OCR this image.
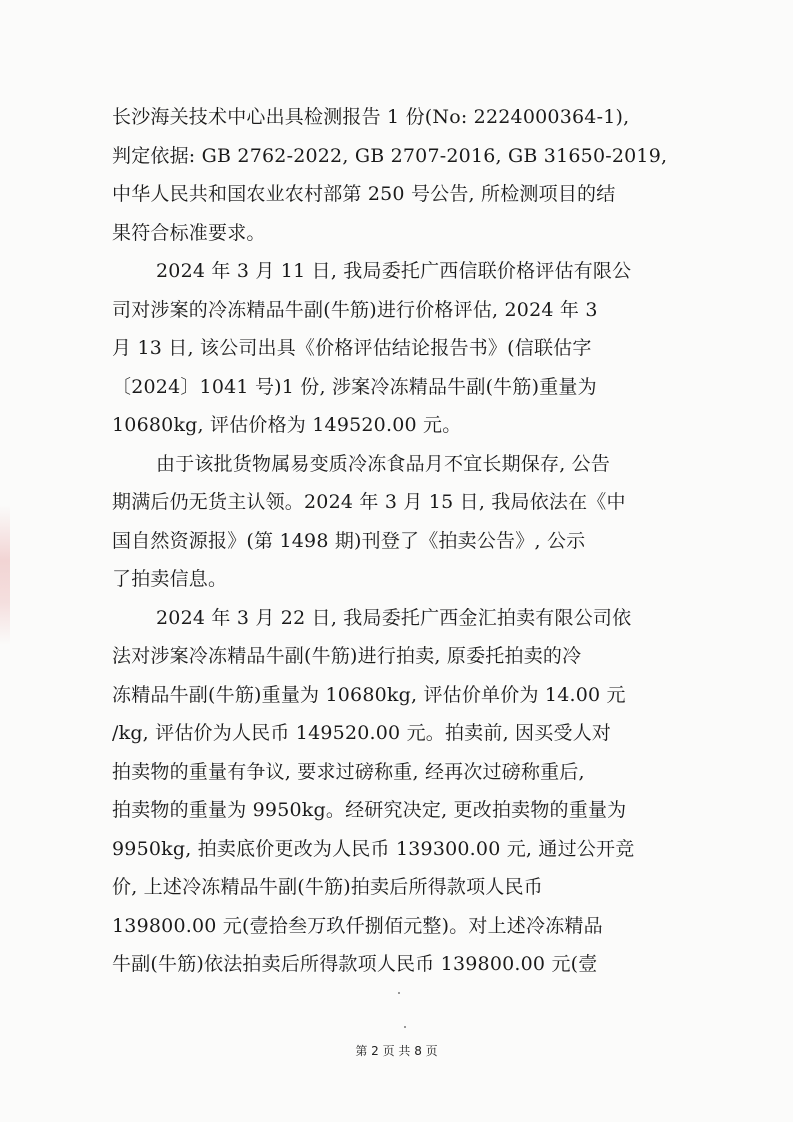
长沙海关技术中心出具检测报告 1 份(No: 2224000364-1),
判定依据: GB 2762-2022, GB 2707-2016, GB 31650-2019,
中华人民共和国农业农村部第 250 号公告, 所检测项目的结
果符合标准要求。
2024 年 3 月 11 日, 我局委托广西信联价格评估有限公
司对涉案的冷冻精品牛副(牛筋)进行价格评估, 2024 年 3
月 13 日, 该公司出具《价格评估结论报告书》(信联估字
〔2024〕1041 号)1 份, 涉案冷冻精品牛副(牛筋)重量为
10680kg, 评估价格为 149520.00 元。
由于该批货物属易变质冷冻食品月不宜长期保存, 公告
期满后仍无货主认领。2024 年 3 月 15 日, 我局依法在《中
国自然资源报》(第 1498 期)刊登了《拍卖公告》, 公示
了拍卖信息。
2024 年 3 月 22 日, 我局委托广西金汇拍卖有限公司依
法对涉案冷冻精品牛副(牛筋)进行拍卖, 原委托拍卖的冷
冻精品牛副(牛筋)重量为 10680kg, 评估价单价为 14.00 元
/kg, 评估价为人民币 149520.00 元。拍卖前, 因买受人对
拍卖物的重量有争议, 要求过磅称重, 经再次过磅称重后,
拍卖物的重量为 9950kg。经研究决定, 更改拍卖物的重量为
9950kg, 拍卖底价更改为人民币 139300.00 元, 通过公开竞
价, 上述冷冻精品牛副(牛筋)拍卖后所得款项人民币
139800.00 元(壹拾叁万玖仟捌佰元整)。对上述冷冻精品
牛副(牛筋)依法拍卖后所得款项人民币 139800.00 元(壹
第 2 页 共 8 页
